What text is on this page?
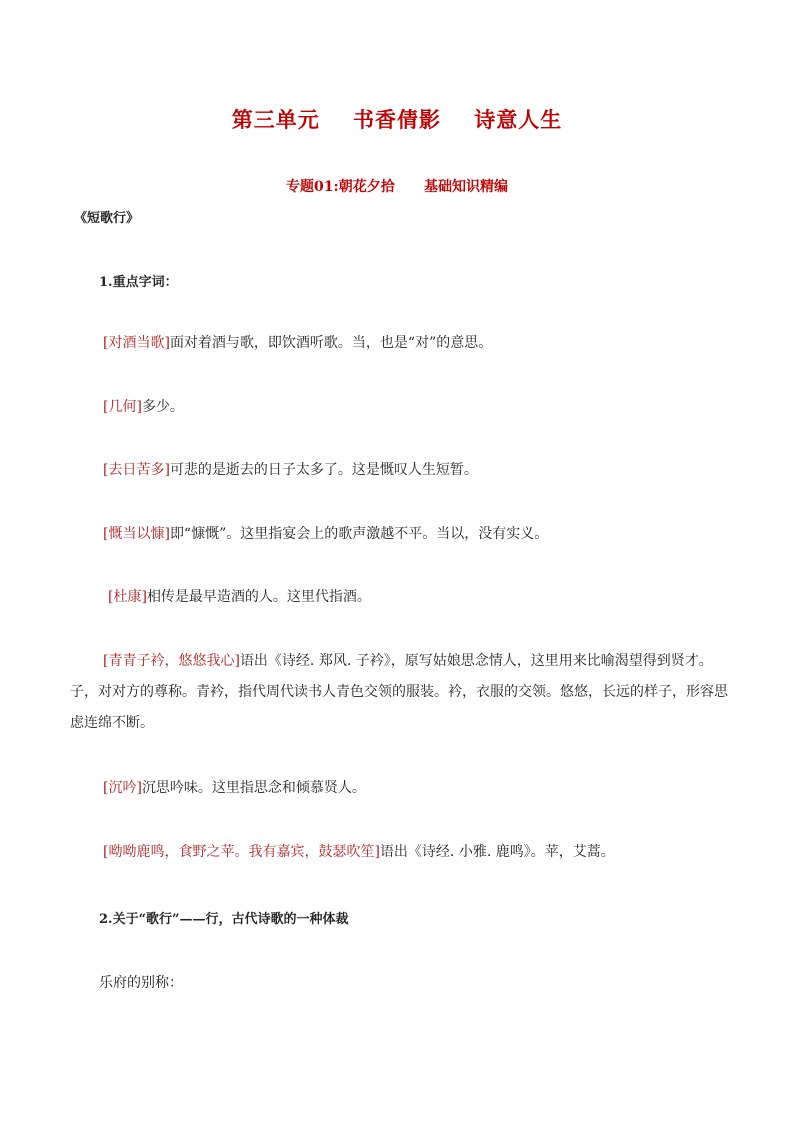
第三单元    书香倩影    诗意人生
专题01:朝花夕拾      基础知识精编
《短歌行》
1.重点字词：
[对酒当歌]面对着酒与歌，即饮酒听歌。当，也是“对”的意思。
[几何]多少。
[去日苦多]可悲的是逝去的日子太多了。这是慨叹人生短暂。
[慨当以慷]即“慷慨”。这里指宴会上的歌声激越不平。当以，没有实义。
[杜康]相传是最早造酒的人。这里代指酒。
[青青子衿，悠悠我心]语出《诗经. 郑风. 子衿》，原写姑娘思念情人，这里用来比喻渴望得到贤才。子，对对方的尊称。青衿，指代周代读书人青色交领的服装。衿，衣服的交领。悠悠，长远的样子，形容思虑连绵不断。
[沉吟]沉思吟味。这里指思念和倾慕贤人。
[呦呦鹿鸣，食野之苹。我有嘉宾，鼓瑟吹笙]语出《诗经. 小雅. 鹿鸣》。苹，艾蒿。
2.关于“歌行”——行，古代诗歌的一种体裁
乐府的别称：
